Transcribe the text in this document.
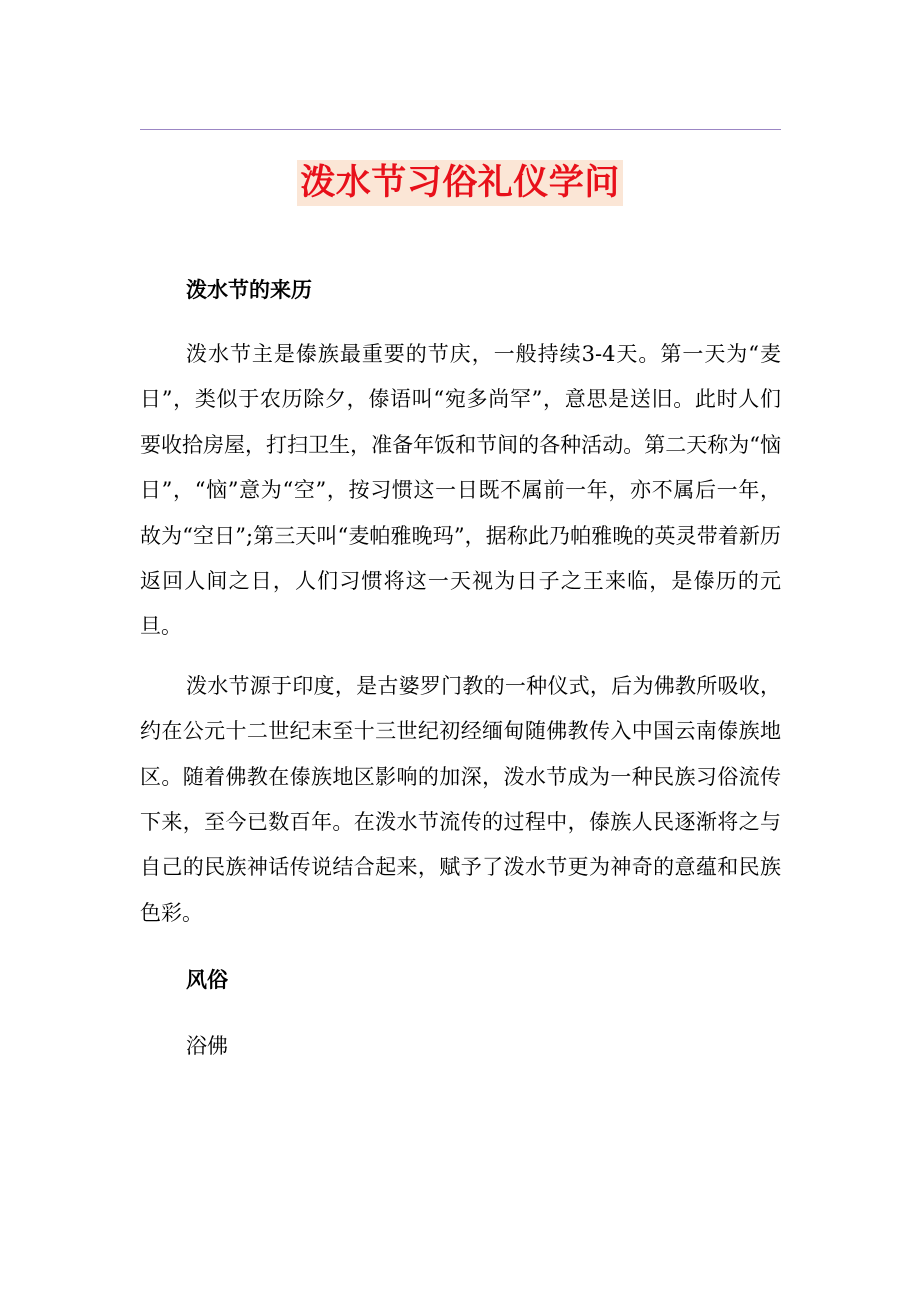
泼水节习俗礼仪学问

泼水节的来历

泼水节主是傣族最重要的节庆，一般持续3-4天。第一天为“麦日”，类似于农历除夕，傣语叫“宛多尚罕”，意思是送旧。此时人们要收拾房屋，打扫卫生，准备年饭和节间的各种活动。第二天称为“恼日”，“恼”意为“空”，按习惯这一日既不属前一年，亦不属后一年，故为“空日”;第三天叫“麦帕雅晚玛”，据称此乃帕雅晚的英灵带着新历返回人间之日，人们习惯将这一天视为日子之王来临，是傣历的元旦。

泼水节源于印度，是古婆罗门教的一种仪式，后为佛教所吸收，约在公元十二世纪末至十三世纪初经缅甸随佛教传入中国云南傣族地区。随着佛教在傣族地区影响的加深，泼水节成为一种民族习俗流传下来，至今已数百年。在泼水节流传的过程中，傣族人民逐渐将之与自己的民族神话传说结合起来，赋予了泼水节更为神奇的意蕴和民族色彩。

风俗

浴佛
